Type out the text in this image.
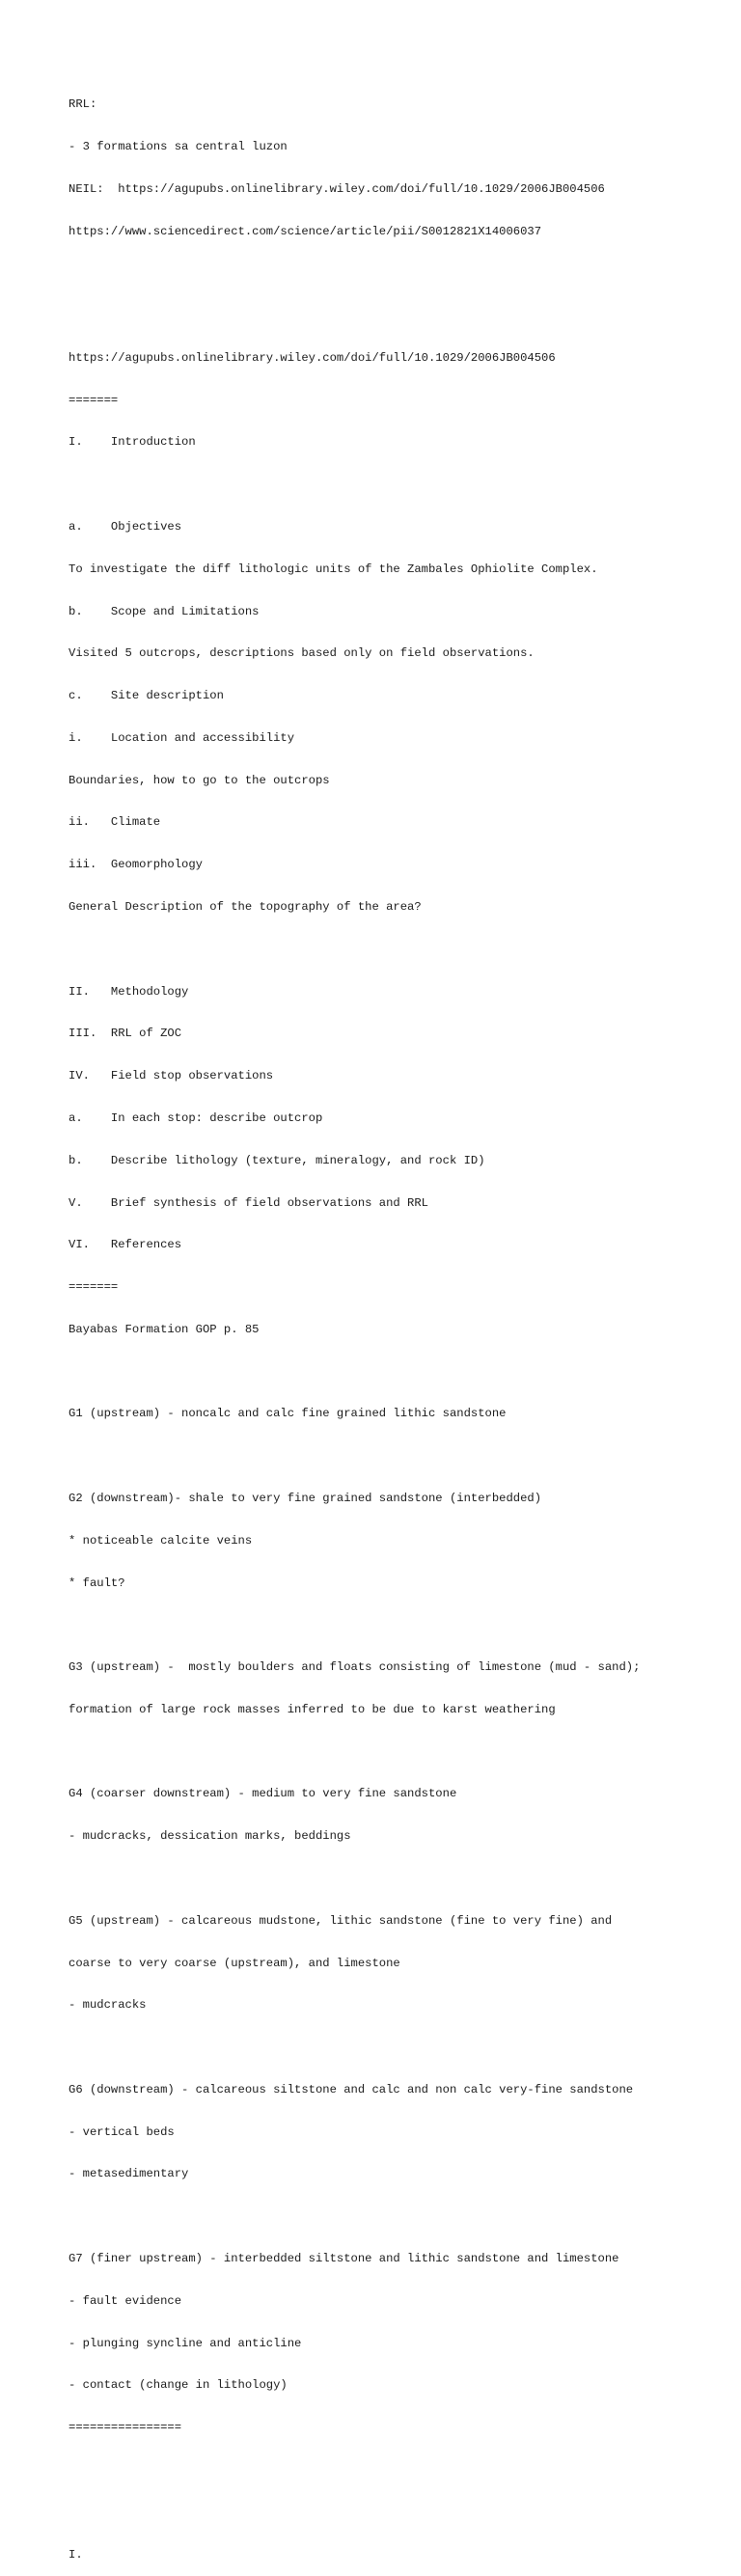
RRL:

- 3 formations sa central luzon

NEIL:  https://agupubs.onlinelibrary.wiley.com/doi/full/10.1029/2006JB004506

https://www.sciencedirect.com/science/article/pii/S0012821X14006037

https://agupubs.onlinelibrary.wiley.com/doi/full/10.1029/2006JB004506

=======

I.    Introduction

a.    Objectives

To investigate the diff lithologic units of the Zambales Ophiolite Complex.

b.    Scope and Limitations

Visited 5 outcrops, descriptions based only on field observations.

c.    Site description

i.    Location and accessibility

Boundaries, how to go to the outcrops

ii.   Climate

iii.  Geomorphology

General Description of the topography of the area?

II.   Methodology

III.  RRL of ZOC

IV.   Field stop observations

a.    In each stop: describe outcrop

b.    Describe lithology (texture, mineralogy, and rock ID)

V.    Brief synthesis of field observations and RRL

VI.   References

=======

Bayabas Formation GOP p. 85

G1 (upstream) - noncalc and calc fine grained lithic sandstone

G2 (downstream)- shale to very fine grained sandstone (interbedded)

* noticeable calcite veins

* fault?

G3 (upstream) -  mostly boulders and floats consisting of limestone (mud - sand);

formation of large rock masses inferred to be due to karst weathering

G4 (coarser downstream) - medium to very fine sandstone

- mudcracks, dessication marks, beddings

G5 (upstream) - calcareous mudstone, lithic sandstone (fine to very fine) and

coarse to very coarse (upstream), and limestone

- mudcracks

G6 (downstream) - calcareous siltstone and calc and non calc very-fine sandstone

- vertical beds

- metasedimentary

G7 (finer upstream) - interbedded siltstone and lithic sandstone and limestone

- fault evidence

- plunging syncline and anticline

- contact (change in lithology)

================

I.
